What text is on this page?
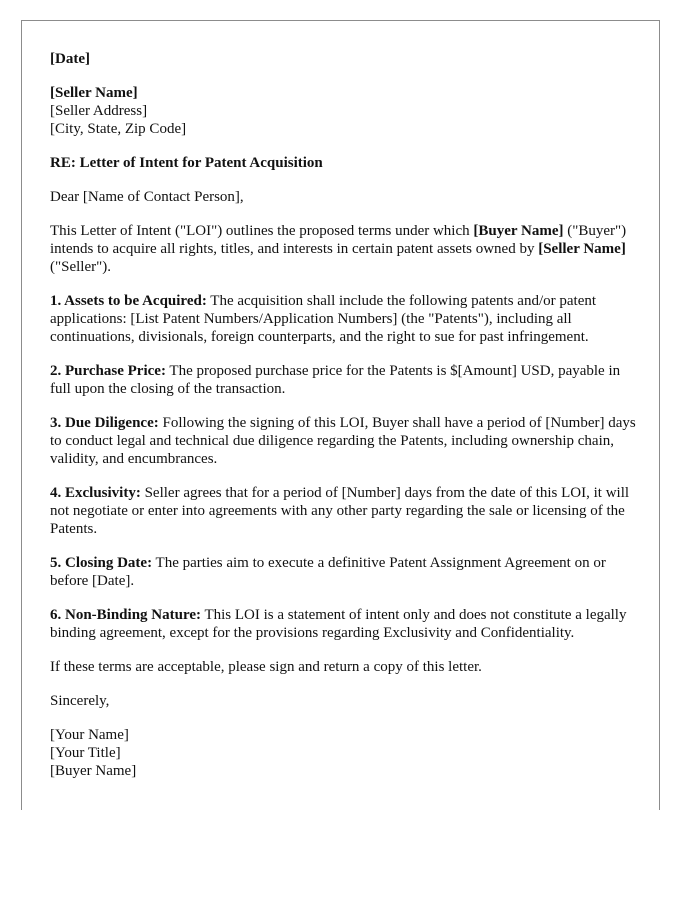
[Date]

[Seller Name]
[Seller Address]
[City, State, Zip Code]

RE: Letter of Intent for Patent Acquisition

Dear [Name of Contact Person],

This Letter of Intent ("LOI") outlines the proposed terms under which [Buyer Name] ("Buyer") intends to acquire all rights, titles, and interests in certain patent assets owned by [Seller Name] ("Seller").

1. Assets to be Acquired: The acquisition shall include the following patents and/or patent applications: [List Patent Numbers/Application Numbers] (the "Patents"), including all continuations, divisionals, foreign counterparts, and the right to sue for past infringement.

2. Purchase Price: The proposed purchase price for the Patents is $[Amount] USD, payable in full upon the closing of the transaction.

3. Due Diligence: Following the signing of this LOI, Buyer shall have a period of [Number] days to conduct legal and technical due diligence regarding the Patents, including ownership chain, validity, and encumbrances.

4. Exclusivity: Seller agrees that for a period of [Number] days from the date of this LOI, it will not negotiate or enter into agreements with any other party regarding the sale or licensing of the Patents.

5. Closing Date: The parties aim to execute a definitive Patent Assignment Agreement on or before [Date].

6. Non-Binding Nature: This LOI is a statement of intent only and does not constitute a legally binding agreement, except for the provisions regarding Exclusivity and Confidentiality.

If these terms are acceptable, please sign and return a copy of this letter.

Sincerely,

[Your Name]
[Your Title]
[Buyer Name]
